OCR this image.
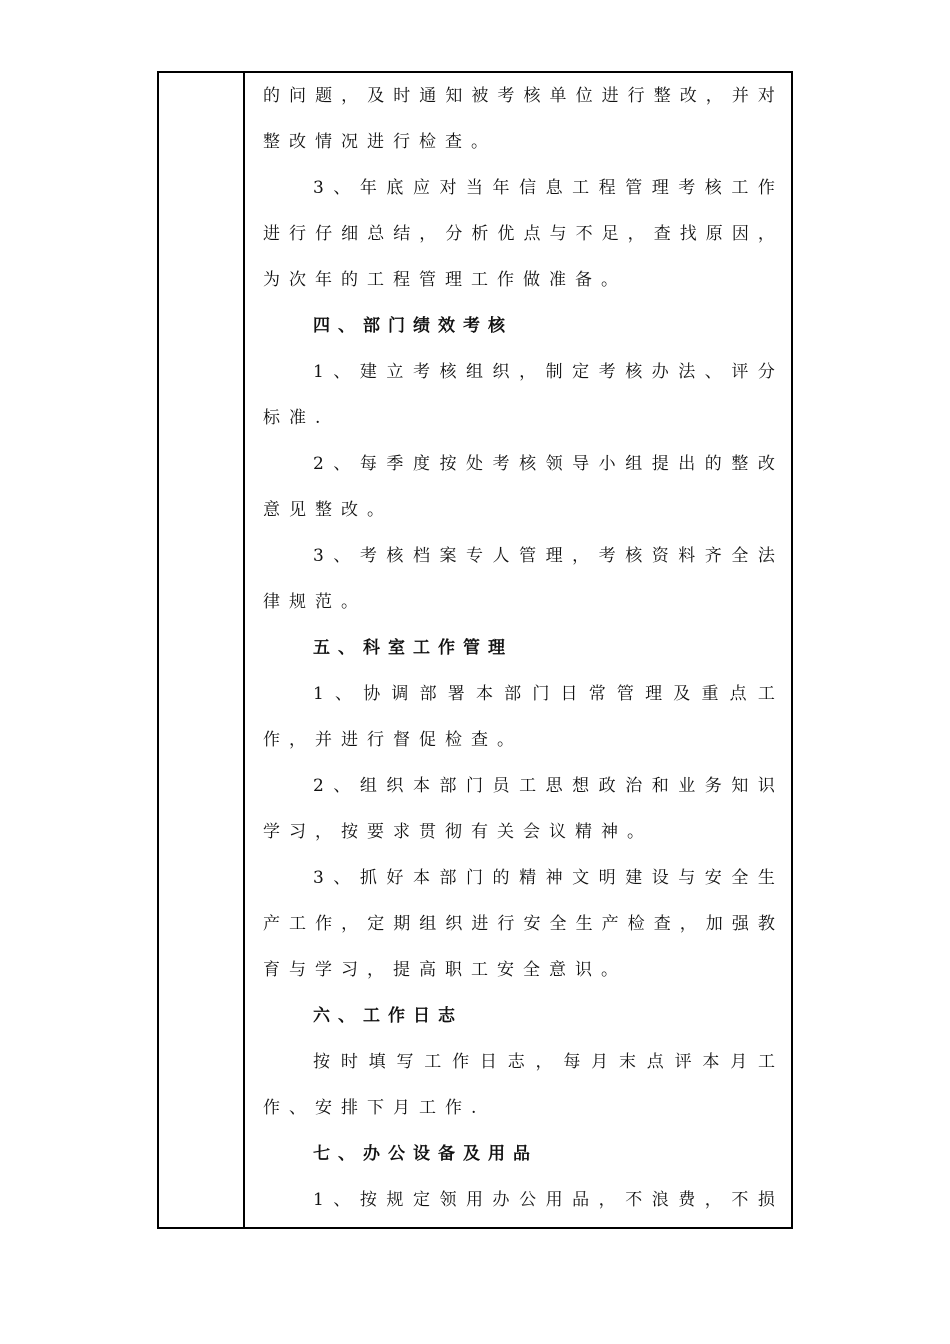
的 问 题 ， 及 时 通 知 被 考 核 单 位 进 行 整 改 ， 并 对
整改情况进行检查。
3 、 年 底 应 对 当 年 信 息 工 程 管 理 考 核 工 作
进 行 仔 细 总 结 ， 分 析 优 点 与 不 足 ， 查 找 原 因 ，
为次年的工程管理工作做准备。
四、部门绩效考核
1 、 建 立 考 核 组 织 ， 制 定 考 核 办 法 、 评 分
标准.
2 、 每 季 度 按 处 考 核 领 导 小 组 提 出 的 整 改
意见整改。
3 、 考 核 档 案 专 人 管 理 ， 考 核 资 料 齐 全 法
律规范。
五、科室工作管理
1 、 协 调 部 署 本 部 门 日 常 管 理 及 重 点 工
作，并进行督促检查。
2 、 组 织 本 部 门 员 工 思 想 政 治 和 业 务 知 识
学习，按要求贯彻有关会议精神。
3 、 抓 好 本 部 门 的 精 神 文 明 建 设 与 安 全 生
产 工 作 ， 定 期 组 织 进 行 安 全 生 产 检 查 ， 加 强 教
育与学习，提高职工安全意识。
六、工作日志
按 时 填 写 工 作 日 志 ， 每 月 末 点 评 本 月 工
作、安排下月工作.
七、办公设备及用品
1 、 按 规 定 领 用 办 公 用 品 ， 不 浪 费 ， 不 损
